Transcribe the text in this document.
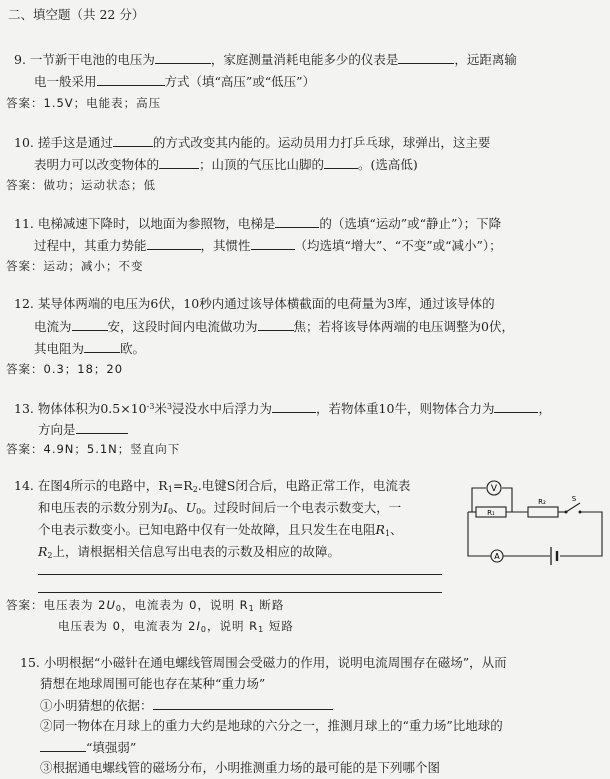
二、填空题（共 22 分）
9. 一节新干电池的电压为	，家庭测量消耗电能多少的仪表是	，远距离输
电一般采用	方式（填“高压”或“低压”）
答案：1.5V；电能表；高压
10. 搓手这是通过	的方式改变其内能的。运动员用力打乒乓球，球弹出，这主要
表明力可以改变物体的	；山顶的气压比山脚的	。(选高低)
答案：做功；运动状态；低
11. 电梯减速下降时，以地面为参照物，电梯是	的（选填“运动”或“静止”）；下降
过程中，其重力势能	，其惯性	（均选填“增大”、“不变”或“减小”）；
答案：运动；减小；不变
12. 某导体两端的电压为6伏，10秒内通过该导体横截面的电荷量为3库，通过该导体的
电流为	安，这段时间内电流做功为	焦；若将该导体两端的电压调整为0伏，
其电阻为	欧。
答案：0.3；18；20
13. 物体体积为$0.5\times 10^{-3}$米$^3$浸没水中后浮力为	，若物体重10牛，则物体合力为	，
方向是
答案：4.9N；5.1N；竖直向下
14. 在图4所示的电路中，$R_1=R_2$.电键S闭合后，电路正常工作，电流表
和电压表的示数分别为$I_0$、$U_0$。过段时间后一个电表示数变大，一
个电表示数变小。已知电路中仅有一处故障，且只发生在电阻$R_1$、
$R_2$上，请根据相关信息写出电表的示数及相应的故障。
V
R₁
R₂	S
A
答案：电压表为 $2U_0$，电流表为 0，说明 $R_1$ 断路
电压表为 0，电流表为 $2I_0$，说明 $R_1$ 短路
15. 小明根据“小磁针在通电螺线管周围会受磁力的作用，说明电流周围存在磁场”，从而
猜想在地球周围可能也存在某种“重力场”
①小明猜想的依据：
②同一物体在月球上的重力大约是地球的六分之一，推测月球上的“重力场”比地球的
“填强弱”
③根据通电螺线管的磁场分布，小明推测重力场的最可能的是下列哪个图
